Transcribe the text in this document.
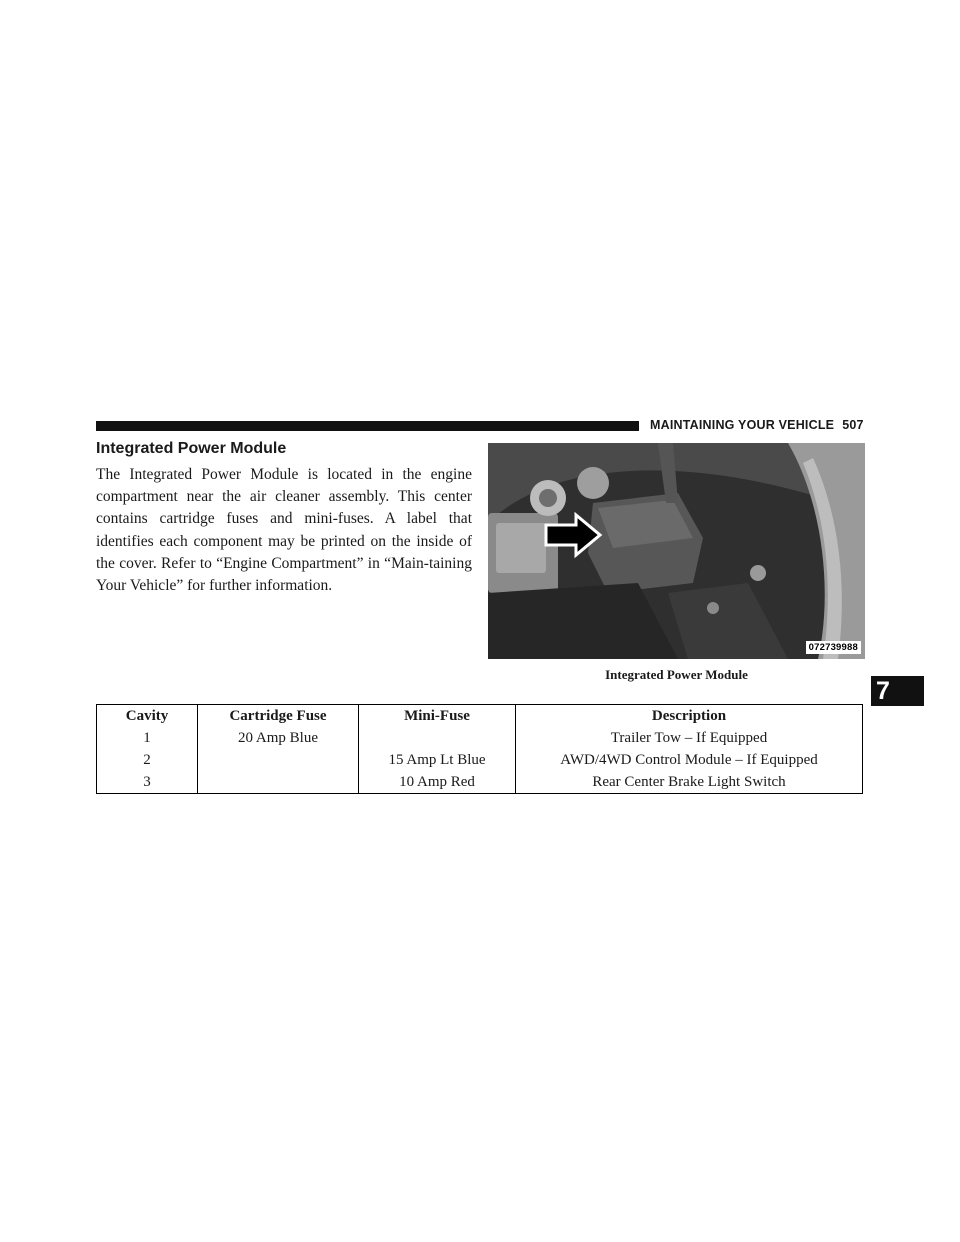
MAINTAINING YOUR VEHICLE 507
Integrated Power Module
The Integrated Power Module is located in the engine compartment near the air cleaner assembly. This center contains cartridge fuses and mini-fuses. A label that identifies each component may be printed on the inside of the cover. Refer to “Engine Compartment” in “Main-taining Your Vehicle” for further information.
072739988
Integrated Power Module
7
Cavity	Cartridge Fuse	Mini-Fuse	Description
1	20 Amp Blue		Trailer Tow – If Equipped
2		15 Amp Lt Blue	AWD/4WD Control Module – If Equipped
3		10 Amp Red	Rear Center Brake Light Switch
